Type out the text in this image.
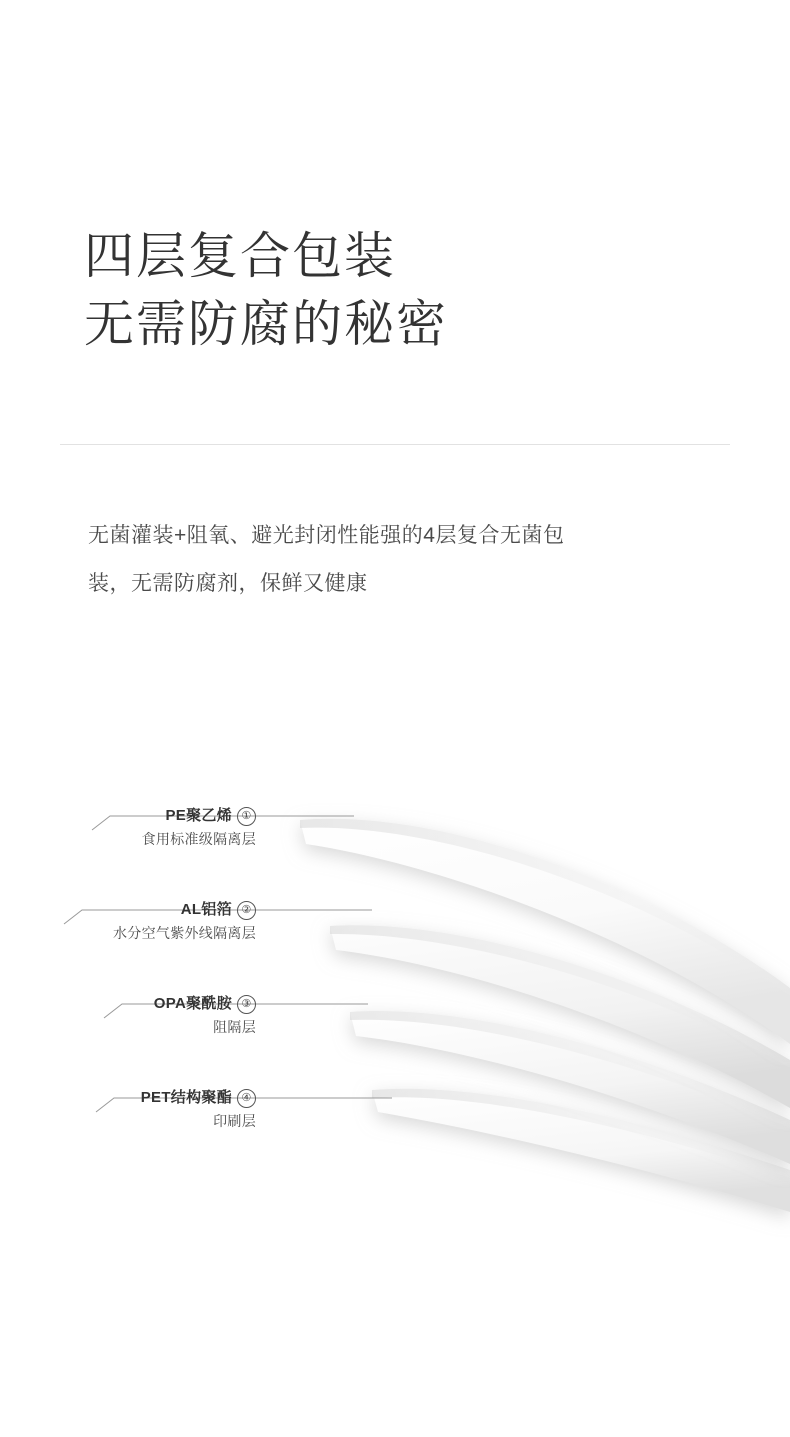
四层复合包装
无需防腐的秘密
无菌灌装+阻氧、避光封闭性能强的4层复合无菌包
装，无需防腐剂，保鲜又健康
PE聚乙烯 ①
食用标准级隔离层
AL铝箔 ②
水分空气紫外线隔离层
OPA聚酰胺 ③
阻隔层
PET结构聚酯 ④
印刷层
